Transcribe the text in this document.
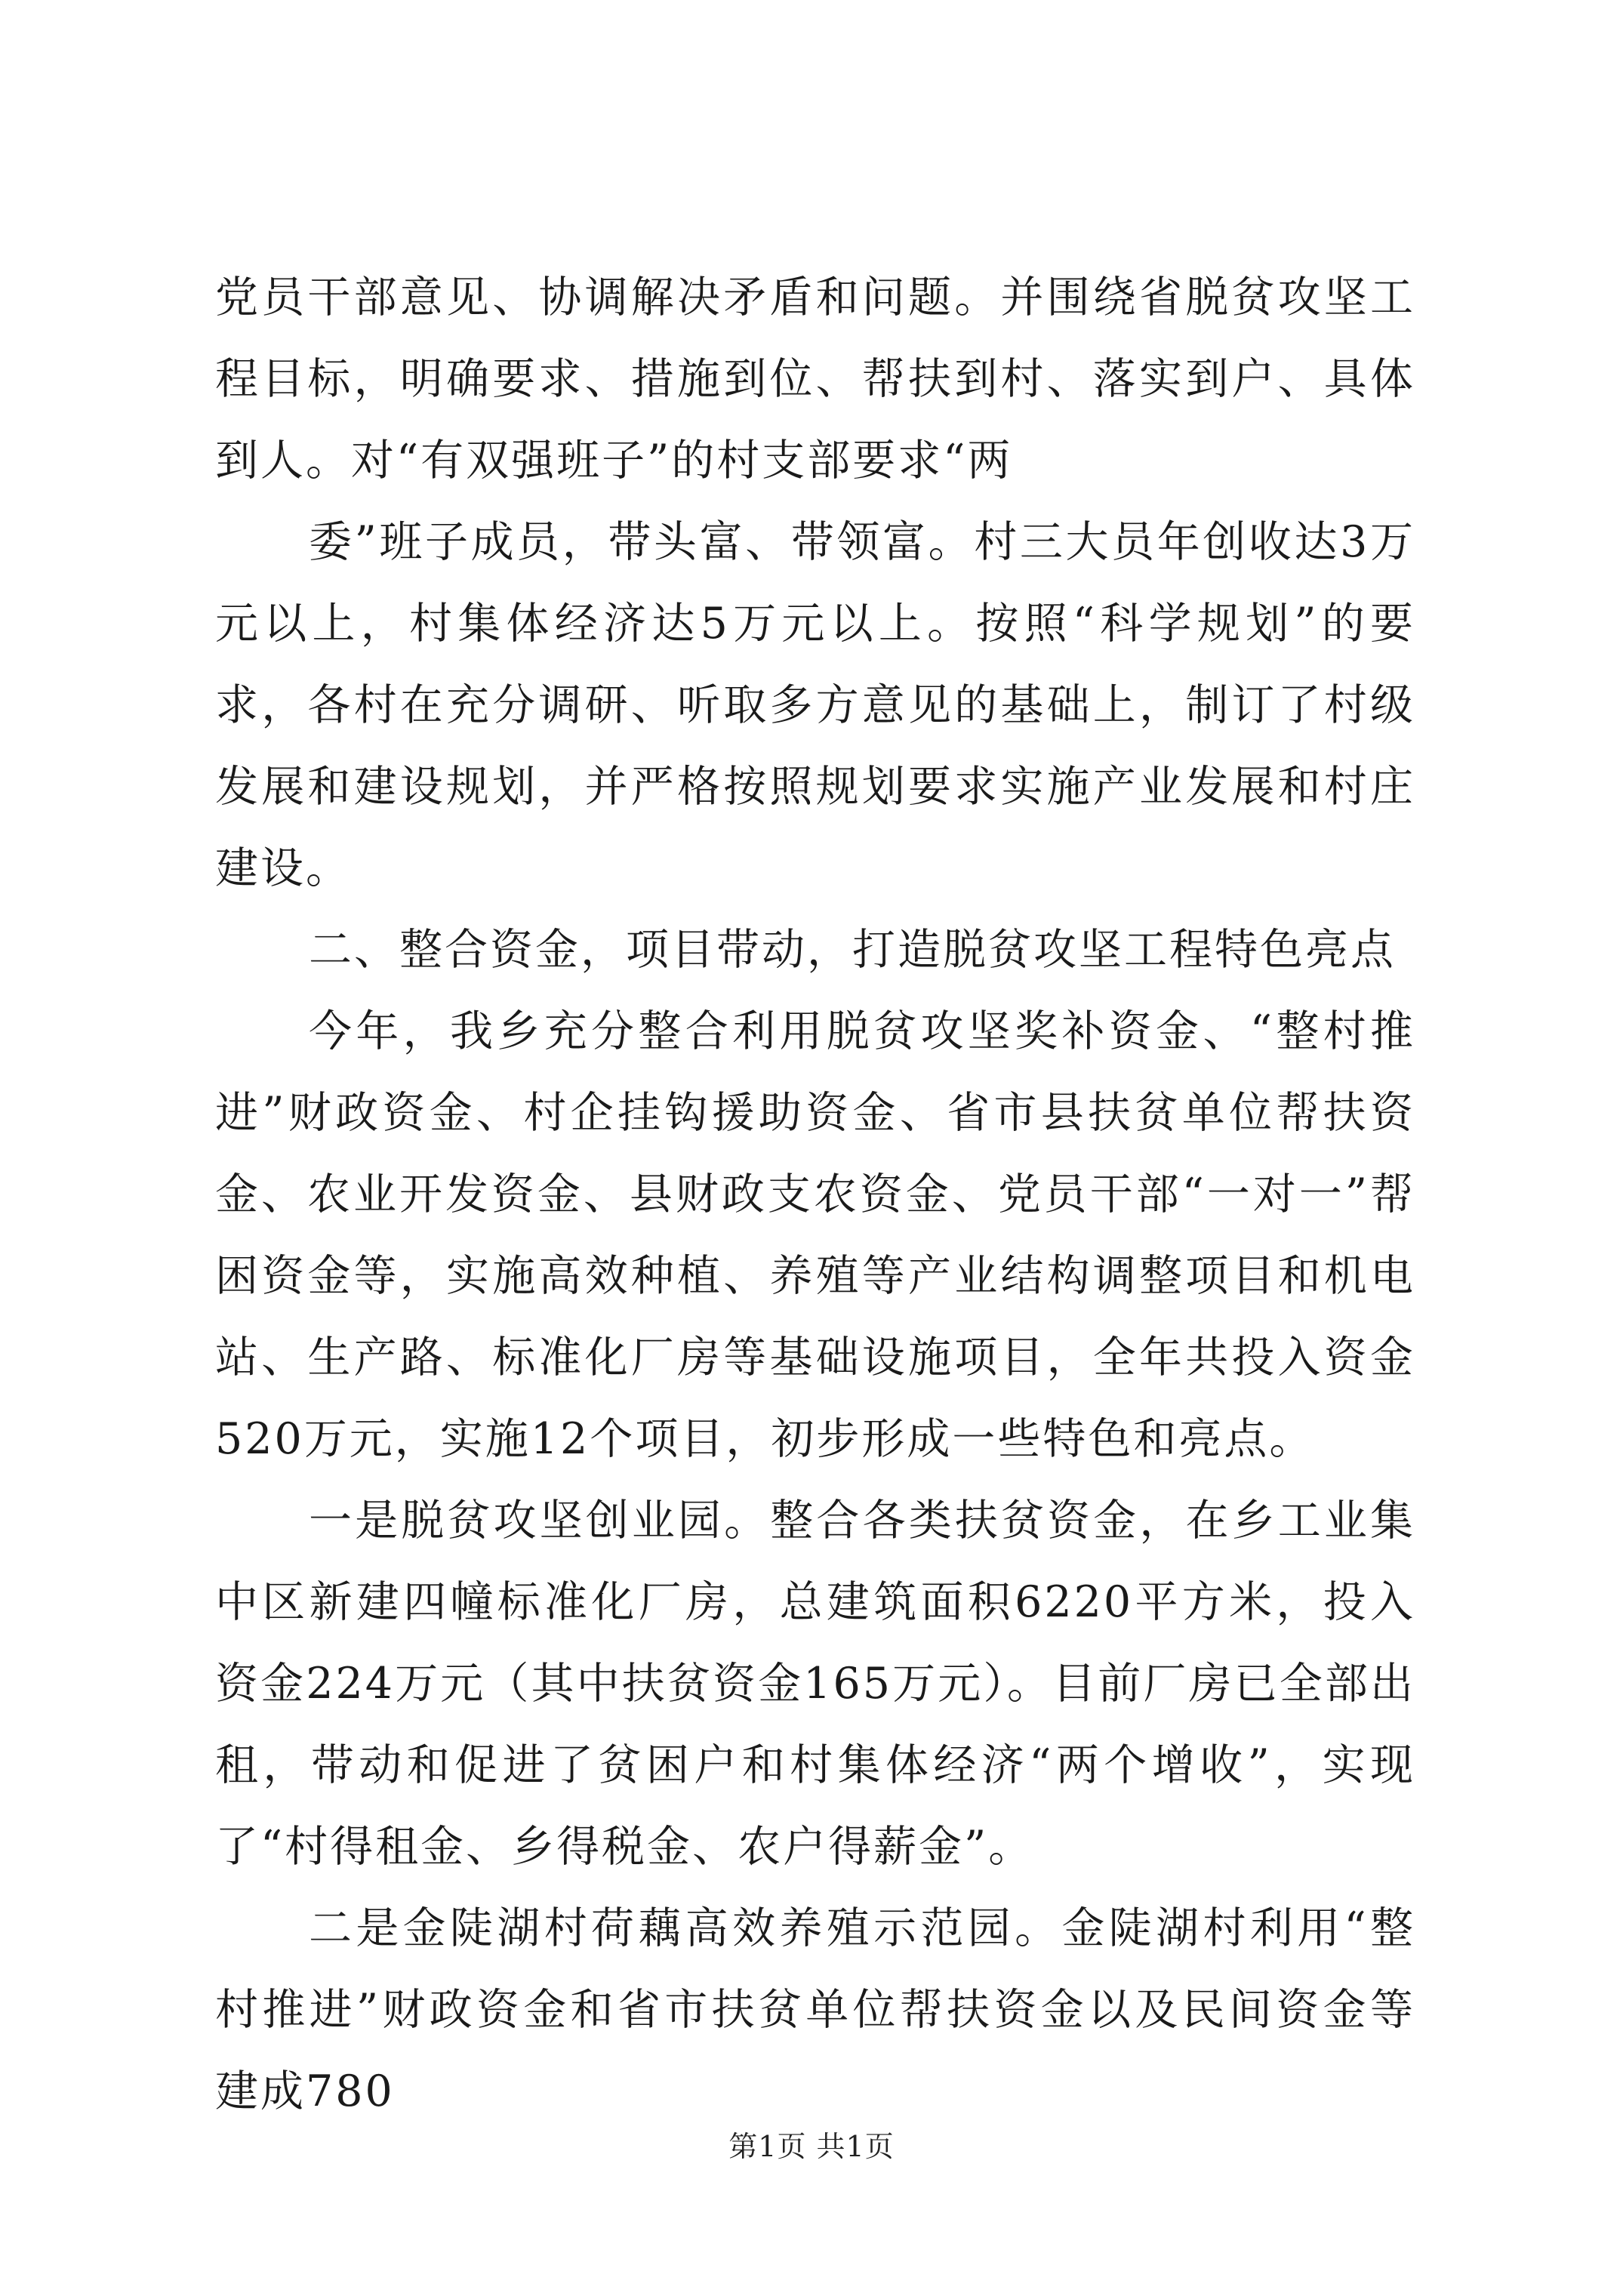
党员干部意见、协调解决矛盾和问题。并围绕省脱贫攻坚工程目标，明确要求、措施到位、帮扶到村、落实到户、具体到人。对“有双强班子”的村支部要求“两

委”班子成员，带头富、带领富。村三大员年创收达3万元以上，村集体经济达5万元以上。按照“科学规划”的要求，各村在充分调研、听取多方意见的基础上，制订了村级发展和建设规划，并严格按照规划要求实施产业发展和村庄建设。

二、整合资金，项目带动，打造脱贫攻坚工程特色亮点

今年，我乡充分整合利用脱贫攻坚奖补资金、“整村推进”财政资金、村企挂钩援助资金、省市县扶贫单位帮扶资金、农业开发资金、县财政支农资金、党员干部“一对一”帮困资金等，实施高效种植、养殖等产业结构调整项目和机电站、生产路、标准化厂房等基础设施项目，全年共投入资金520万元，实施12个项目，初步形成一些特色和亮点。

一是脱贫攻坚创业园。整合各类扶贫资金，在乡工业集中区新建四幢标准化厂房，总建筑面积6220平方米，投入资金224万元（其中扶贫资金165万元）。目前厂房已全部出租，带动和促进了贫困户和村集体经济“两个增收”，实现了“村得租金、乡得税金、农户得薪金”。

二是金陡湖村荷藕高效养殖示范园。金陡湖村利用“整村推进”财政资金和省市扶贫单位帮扶资金以及民间资金等建成780

第1页 共1页
